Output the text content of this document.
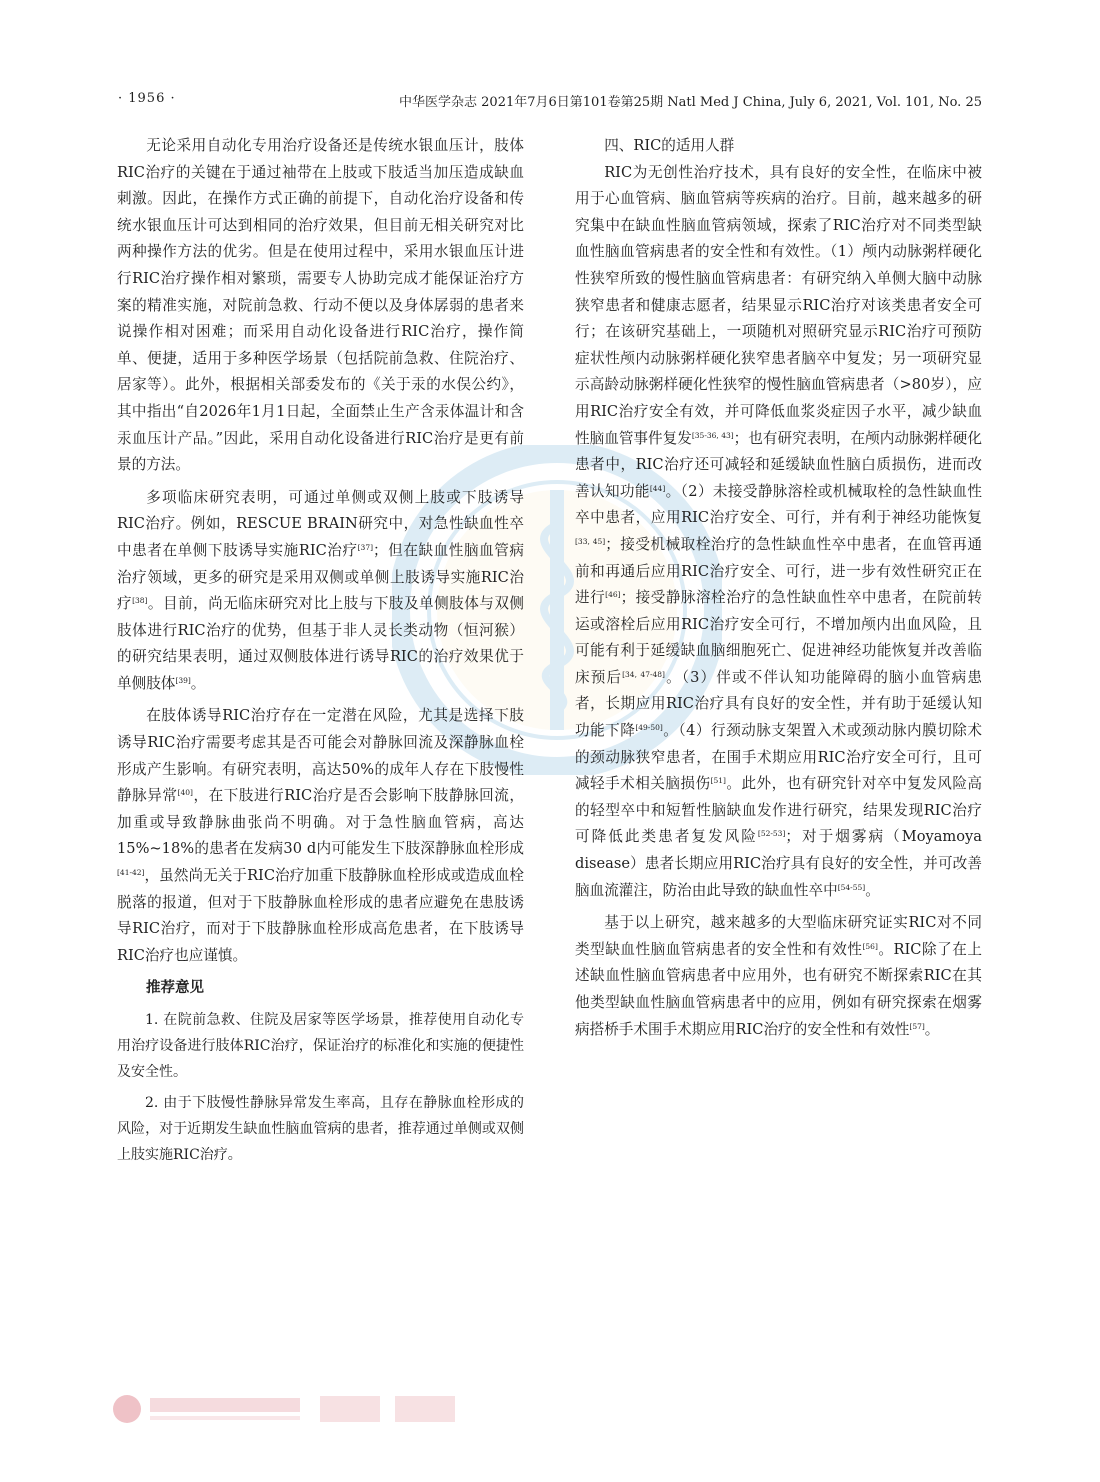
· 1956 ·	中华医学杂志 2021年7月6日第101卷第25期 Natl Med J China, July 6, 2021, Vol. 101, No. 25

无论采用自动化专用治疗设备还是传统水银血压计，肢体RIC治疗的关键在于通过袖带在上肢或下肢适当加压造成缺血刺激。因此，在操作方式正确的前提下，自动化治疗设备和传统水银血压计可达到相同的治疗效果，但目前无相关研究对比两种操作方法的优劣。但是在使用过程中，采用水银血压计进行RIC治疗操作相对繁琐，需要专人协助完成才能保证治疗方案的精准实施，对院前急救、行动不便以及身体孱弱的患者来说操作相对困难；而采用自动化设备进行RIC治疗，操作简单、便捷，适用于多种医学场景（包括院前急救、住院治疗、居家等）。此外，根据相关部委发布的《关于汞的水俣公约》，其中指出“自2026年1月1日起，全面禁止生产含汞体温计和含汞血压计产品。”因此，采用自动化设备进行RIC治疗是更有前景的方法。

多项临床研究表明，可通过单侧或双侧上肢或下肢诱导RIC治疗。例如，RESCUE BRAIN研究中，对急性缺血性卒中患者在单侧下肢诱导实施RIC治疗[37]；但在缺血性脑血管病治疗领域，更多的研究是采用双侧或单侧上肢诱导实施RIC治疗[38]。目前，尚无临床研究对比上肢与下肢及单侧肢体与双侧肢体进行RIC治疗的优势，但基于非人灵长类动物（恒河猴）的研究结果表明，通过双侧肢体进行诱导RIC的治疗效果优于单侧肢体[39]。

在肢体诱导RIC治疗存在一定潜在风险，尤其是选择下肢诱导RIC治疗需要考虑其是否可能会对静脉回流及深静脉血栓形成产生影响。有研究表明，高达50%的成年人存在下肢慢性静脉异常[40]，在下肢进行RIC治疗是否会影响下肢静脉回流，加重或导致静脉曲张尚不明确。对于急性脑血管病，高达15%~18%的患者在发病30 d内可能发生下肢深静脉血栓形成[41-42]，虽然尚无关于RIC治疗加重下肢静脉血栓形成或造成血栓脱落的报道，但对于下肢静脉血栓形成的患者应避免在患肢诱导RIC治疗，而对于下肢静脉血栓形成高危患者，在下肢诱导RIC治疗也应谨慎。

推荐意见

1. 在院前急救、住院及居家等医学场景，推荐使用自动化专用治疗设备进行肢体RIC治疗，保证治疗的标准化和实施的便捷性及安全性。

2. 由于下肢慢性静脉异常发生率高，且存在静脉血栓形成的风险，对于近期发生缺血性脑血管病的患者，推荐通过单侧或双侧上肢实施RIC治疗。

四、RIC的适用人群

RIC为无创性治疗技术，具有良好的安全性，在临床中被用于心血管病、脑血管病等疾病的治疗。目前，越来越多的研究集中在缺血性脑血管病领域，探索了RIC治疗对不同类型缺血性脑血管病患者的安全性和有效性。（1）颅内动脉粥样硬化性狭窄所致的慢性脑血管病患者：有研究纳入单侧大脑中动脉狭窄患者和健康志愿者，结果显示RIC治疗对该类患者安全可行；在该研究基础上，一项随机对照研究显示RIC治疗可预防症状性颅内动脉粥样硬化狭窄患者脑卒中复发；另一项研究显示高龄动脉粥样硬化性狭窄的慢性脑血管病患者（>80岁），应用RIC治疗安全有效，并可降低血浆炎症因子水平，减少缺血性脑血管事件复发[35-36, 43]；也有研究表明，在颅内动脉粥样硬化患者中，RIC治疗还可减轻和延缓缺血性脑白质损伤，进而改善认知功能[44]。（2）未接受静脉溶栓或机械取栓的急性缺血性卒中患者，应用RIC治疗安全、可行，并有利于神经功能恢复[33, 45]；接受机械取栓治疗的急性缺血性卒中患者，在血管再通前和再通后应用RIC治疗安全、可行，进一步有效性研究正在进行[46]；接受静脉溶栓治疗的急性缺血性卒中患者，在院前转运或溶栓后应用RIC治疗安全可行，不增加颅内出血风险，且可能有利于延缓缺血脑细胞死亡、促进神经功能恢复并改善临床预后[34, 47-48]。（3）伴或不伴认知功能障碍的脑小血管病患者，长期应用RIC治疗具有良好的安全性，并有助于延缓认知功能下降[49-50]。（4）行颈动脉支架置入术或颈动脉内膜切除术的颈动脉狭窄患者，在围手术期应用RIC治疗安全可行，且可减轻手术相关脑损伤[51]。此外，也有研究针对卒中复发风险高的轻型卒中和短暂性脑缺血发作进行研究，结果发现RIC治疗可降低此类患者复发风险[52-53]；对于烟雾病（Moyamoya disease）患者长期应用RIC治疗具有良好的安全性，并可改善脑血流灌注，防治由此导致的缺血性卒中[54-55]。

基于以上研究，越来越多的大型临床研究证实RIC对不同类型缺血性脑血管病患者的安全性和有效性[56]。RIC除了在上述缺血性脑血管病患者中应用外，也有研究不断探索RIC在其他类型缺血性脑血管病患者中的应用，例如有研究探索在烟雾病搭桥手术围手术期应用RIC治疗的安全性和有效性[57]。
